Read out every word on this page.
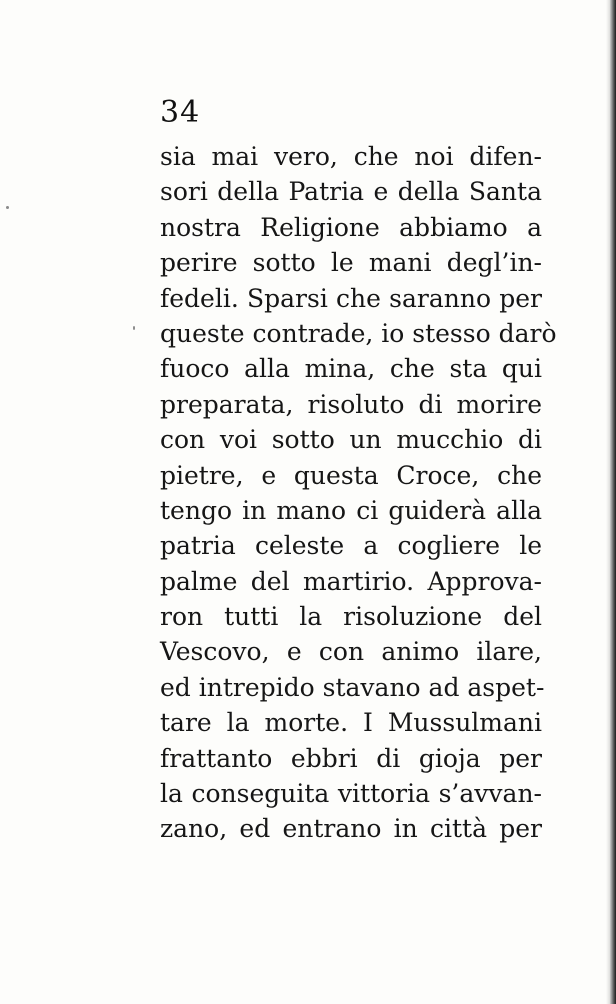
34
sia mai vero, che noi difen-
sori della Patria e della Santa
nostra Religione abbiamo a
perire sotto le mani degl’in-
fedeli. Sparsi che saranno per
queste contrade, io stesso darò
fuoco alla mina, che sta qui
preparata, risoluto di morire
con voi sotto un mucchio di
pietre, e questa Croce, che
tengo in mano ci guiderà alla
patria celeste a cogliere le
palme del martirio. Approva-
ron tutti la risoluzione del
Vescovo, e con animo ilare,
ed intrepido stavano ad aspet-
tare la morte. I Mussulmani
frattanto ebbri di gioja per
la conseguita vittoria s’avvan-
zano, ed entrano in città per
